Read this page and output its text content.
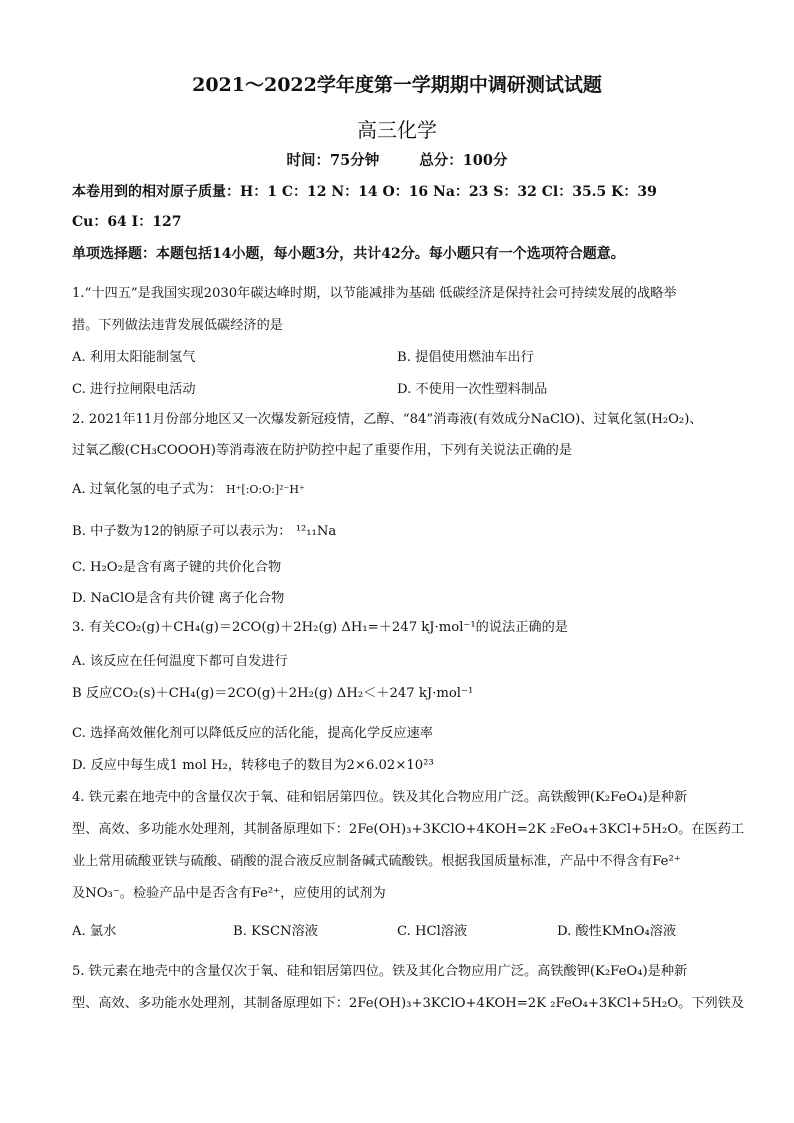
2021～2022学年度第一学期期中调研测试试题
高三化学
时间：75分钟	总分：100分
本卷用到的相对原子质量：H：1 C：12 N：14 O：16 Na：23 S：32 Cl：35.5 K：39
Cu：64 I：127
单项选择题：本题包括14小题，每小题3分，共计42分。每小题只有一个选项符合题意。
1.“十四五”是我国实现2030年碳达峰时期，以节能减排为基础 低碳经济是保持社会可持续发展的战略举
措。下列做法违背发展低碳经济的是
A. 利用太阳能制氢气	B. 提倡使用燃油车出行
C. 进行拉闸限电活动	D. 不使用一次性塑料制品
2. 2021年11月份部分地区又一次爆发新冠疫情，乙醇、“84”消毒液(有效成分NaClO)、过氧化氢(H₂O₂)、
过氧乙酸(CH₃COOOH)等消毒液在防护防控中起了重要作用，下列有关说法正确的是
A. 过氧化氢的电子式为： H⁺[:O:O:]²⁻H⁺
B. 中子数为12的钠原子可以表示为： ¹²₁₁Na
C. H₂O₂是含有离子键的共价化合物
D. NaClO是含有共价键 离子化合物
3. 有关CO₂(g)＋CH₄(g)＝2CO(g)＋2H₂(g) ΔH₁=＋247 kJ·mol⁻¹的说法正确的是
A. 该反应在任何温度下都可自发进行
B 反应CO₂(s)＋CH₄(g)＝2CO(g)＋2H₂(g) ΔH₂＜＋247 kJ·mol⁻¹
C. 选择高效催化剂可以降低反应的活化能，提高化学反应速率
D. 反应中每生成1 mol H₂，转移电子的数目为2×6.02×10²³
4. 铁元素在地壳中的含量仅次于氧、硅和铝居第四位。铁及其化合物应用广泛。高铁酸钾(K₂FeO₄)是种新
型、高效、多功能水处理剂，其制备原理如下：2Fe(OH)₃+3KClO+4KOH=2K ₂FeO₄+3KCl+5H₂O。在医药工
业上常用硫酸亚铁与硫酸、硝酸的混合液反应制备碱式硫酸铁。根据我国质量标准，产品中不得含有Fe²⁺
及NO₃⁻。检验产品中是否含有Fe²⁺，应使用的试剂为
A. 氯水	B. KSCN溶液	C. HCl溶液	D. 酸性KMnO₄溶液
5. 铁元素在地壳中的含量仅次于氧、硅和铝居第四位。铁及其化合物应用广泛。高铁酸钾(K₂FeO₄)是种新
型、高效、多功能水处理剂，其制备原理如下：2Fe(OH)₃+3KClO+4KOH=2K ₂FeO₄+3KCl+5H₂O。下列铁及
